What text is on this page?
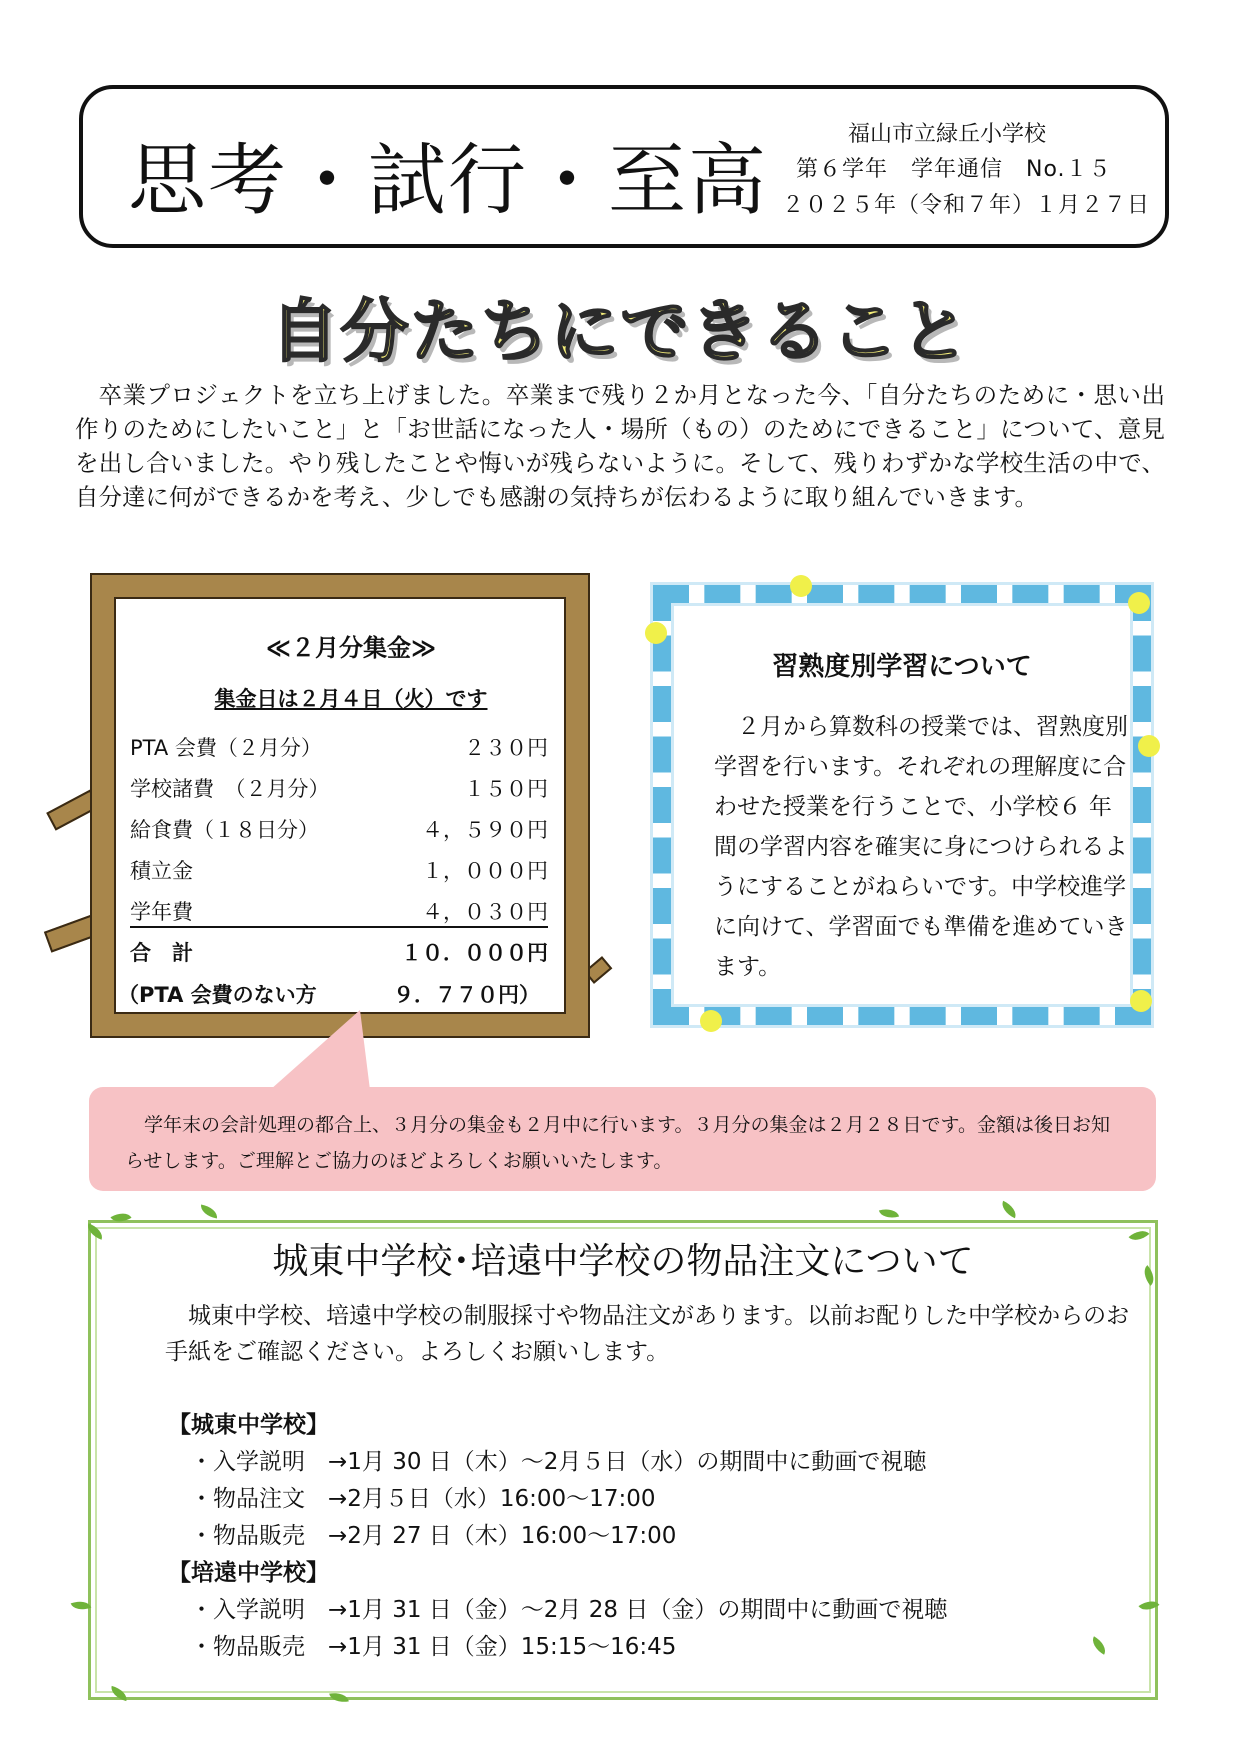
思考・試行・至高
福山市立緑丘小学校
第６学年　学年通信　No.１５
２０２５年（令和７年）１月２７日
自分たちにできること

卒業プロジェクトを立ち上げました。卒業まで残り２か月となった今、「自分たちのために・思い出作りのためにしたいこと」と「お世話になった人・場所（もの）のためにできること」について、意見を出し合いました。やり残したことや悔いが残らないように。そして、残りわずかな学校生活の中で、自分達に何ができるかを考え、少しでも感謝の気持ちが伝わるように取り組んでいきます。

≪２月分集金≫
集金日は２月４日（火）です
PTA 会費（２月分）	２３０円
学校諸費　（２月分）	１５０円
給食費（１８日分）	４，５９０円
積立金	１，０００円
学年費	４，０３０円
合　計	１０．０００円
（PTA 会費のない方	９．７７０円）
習熟度別学習について

２月から算数科の授業では、習熟度別学習を行います。それぞれの理解度に合わせた授業を行うことで、小学校６ 年間の学習内容を確実に身につけられるようにすることがねらいです。中学校進学に向けて、学習面でも準備を進めていきます。

学年末の会計処理の都合上、３月分の集金も２月中に行います。３月分の集金は２月２８日です。金額は後日お知らせします。ご理解とご協力のほどよろしくお願いいたします。

城東中学校･培遠中学校の物品注文について

城東中学校、培遠中学校の制服採寸や物品注文があります。以前お配りした中学校からのお手紙をご確認ください。よろしくお願いします。

【城東中学校】
・入学説明　→1月 30 日（木）～2月５日（水）の期間中に動画で視聴
・物品注文　→2月５日（水）16:00～17:00
・物品販売　→2月 27 日（木）16:00～17:00
【培遠中学校】
・入学説明　→1月 31 日（金）～2月 28 日（金）の期間中に動画で視聴
・物品販売　→1月 31 日（金）15:15～16:45
